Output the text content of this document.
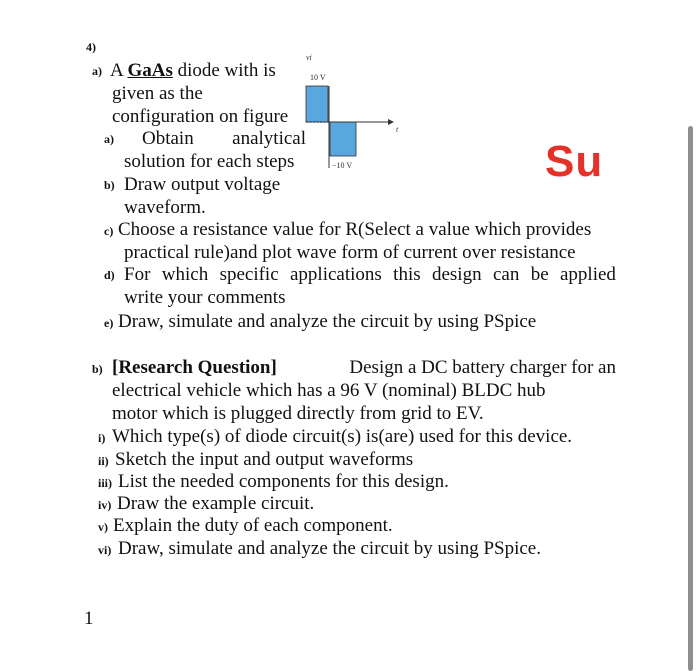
4)
a) A GaAs diode with is
given as the
configuration on figure
a) Obtain analytical
solution for each steps
b) Draw output voltage
waveform.
c) Choose a resistance value for R(Select a value which provides
practical rule)and plot wave form of current over resistance
d) For which specific applications this design can be applied
write your comments
e) Draw, simulate and analyze the circuit by using PSpice
vi
10 V
t
−10 V	Su
b) [Research Question]	Design a DC battery charger for an
electrical vehicle which has a 96 V (nominal) BLDC hub
motor which is plugged directly from grid to EV.
i) Which type(s) of diode circuit(s) is(are) used for this device.
ii) Sketch the input and output waveforms
iii) List the needed components for this design.
iv) Draw the example circuit.
v) Explain the duty of each component.
vi) Draw, simulate and analyze the circuit by using PSpice.
1
